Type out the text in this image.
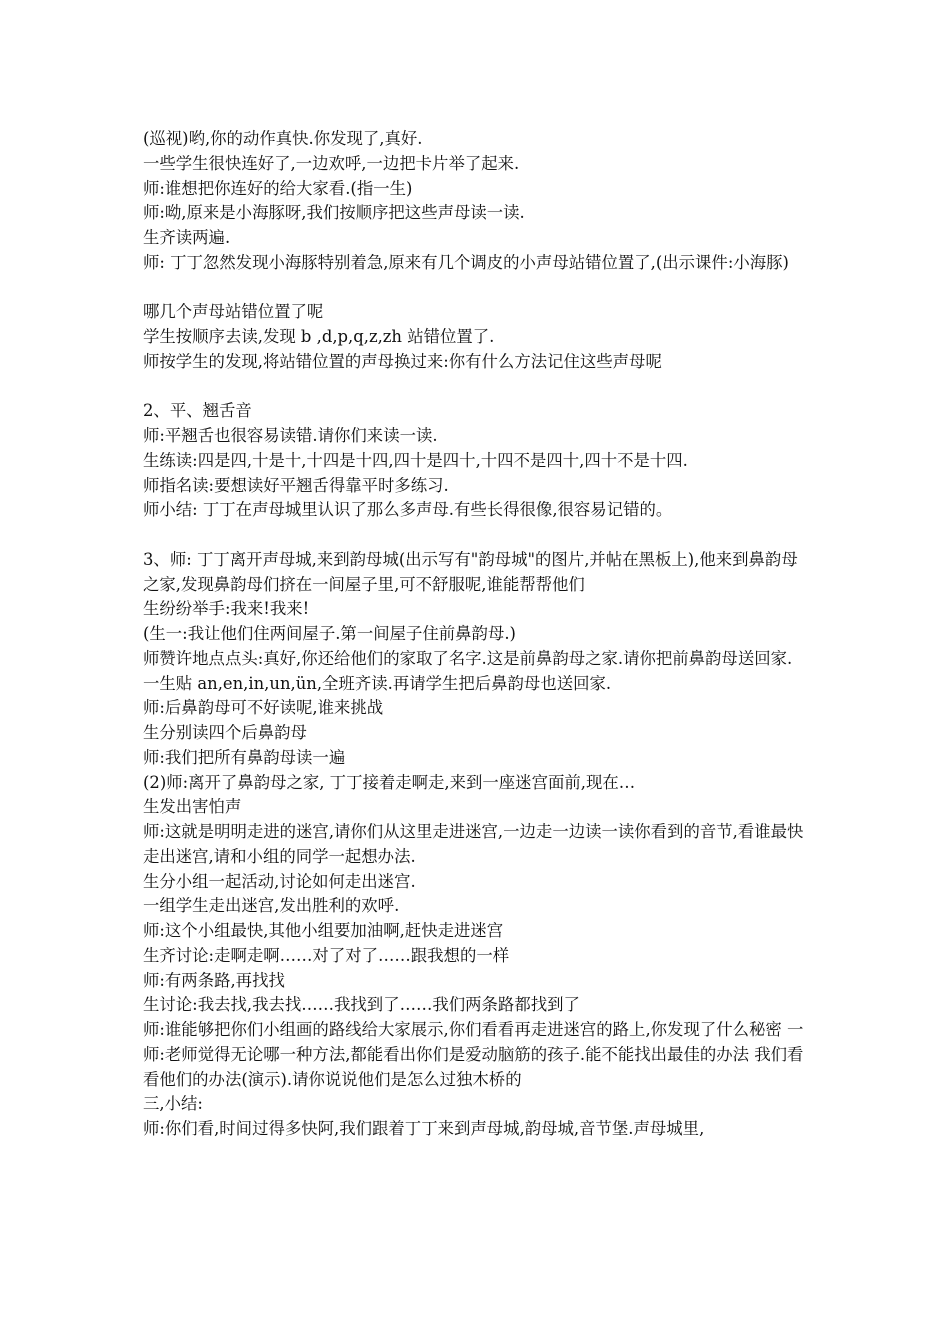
(巡视)哟,你的动作真快.你发现了,真好.

一些学生很快连好了,一边欢呼,一边把卡片举了起来.

师:谁想把你连好的给大家看.(指一生)

师:呦,原来是小海豚呀,我们按顺序把这些声母读一读.

生齐读两遍.

师: 丁丁忽然发现小海豚特别着急,原来有几个调皮的小声母站错位置了,(出示课件:小海豚)

哪几个声母站错位置了呢

学生按顺序去读,发现 b ,d,p,q,z,zh 站错位置了.

师按学生的发现,将站错位置的声母换过来:你有什么方法记住这些声母呢

2、平、翘舌音

师:平翘舌也很容易读错.请你们来读一读.

生练读:四是四,十是十,十四是十四,四十是四十,十四不是四十,四十不是十四.

师指名读:要想读好平翘舌得靠平时多练习.

师小结: 丁丁在声母城里认识了那么多声母.有些长得很像,很容易记错的。

3、师: 丁丁离开声母城,来到韵母城(出示写有"韵母城"的图片,并帖在黑板上),他来到鼻韵母之家,发现鼻韵母们挤在一间屋子里,可不舒服呢,谁能帮帮他们

生纷纷举手:我来!我来!

(生一:我让他们住两间屋子.第一间屋子住前鼻韵母.)

师赞许地点点头:真好,你还给他们的家取了名字.这是前鼻韵母之家.请你把前鼻韵母送回家.

一生贴 an,en,in,un,ün,全班齐读.再请学生把后鼻韵母也送回家.

师:后鼻韵母可不好读呢,谁来挑战

生分别读四个后鼻韵母

师:我们把所有鼻韵母读一遍

(2)师:离开了鼻韵母之家, 丁丁接着走啊走,来到一座迷宫面前,现在…

生发出害怕声

师:这就是明明走进的迷宫,请你们从这里走进迷宫,一边走一边读一读你看到的音节,看谁最快走出迷宫,请和小组的同学一起想办法.

生分小组一起活动,讨论如何走出迷宫.

一组学生走出迷宫,发出胜利的欢呼.

师:这个小组最快,其他小组要加油啊,赶快走进迷宫

生齐讨论:走啊走啊……对了对了……跟我想的一样

师:有两条路,再找找

生讨论:我去找,我去找……我找到了……我们两条路都找到了

师:谁能够把你们小组画的路线给大家展示,你们看看再走进迷宫的路上,你发现了什么秘密 一

师:老师觉得无论哪一种方法,都能看出你们是爱动脑筋的孩子.能不能找出最佳的办法 我们看看他们的办法(演示).请你说说他们是怎么过独木桥的

三,小结:

师:你们看,时间过得多快阿,我们跟着丁丁来到声母城,韵母城,音节堡.声母城里,
